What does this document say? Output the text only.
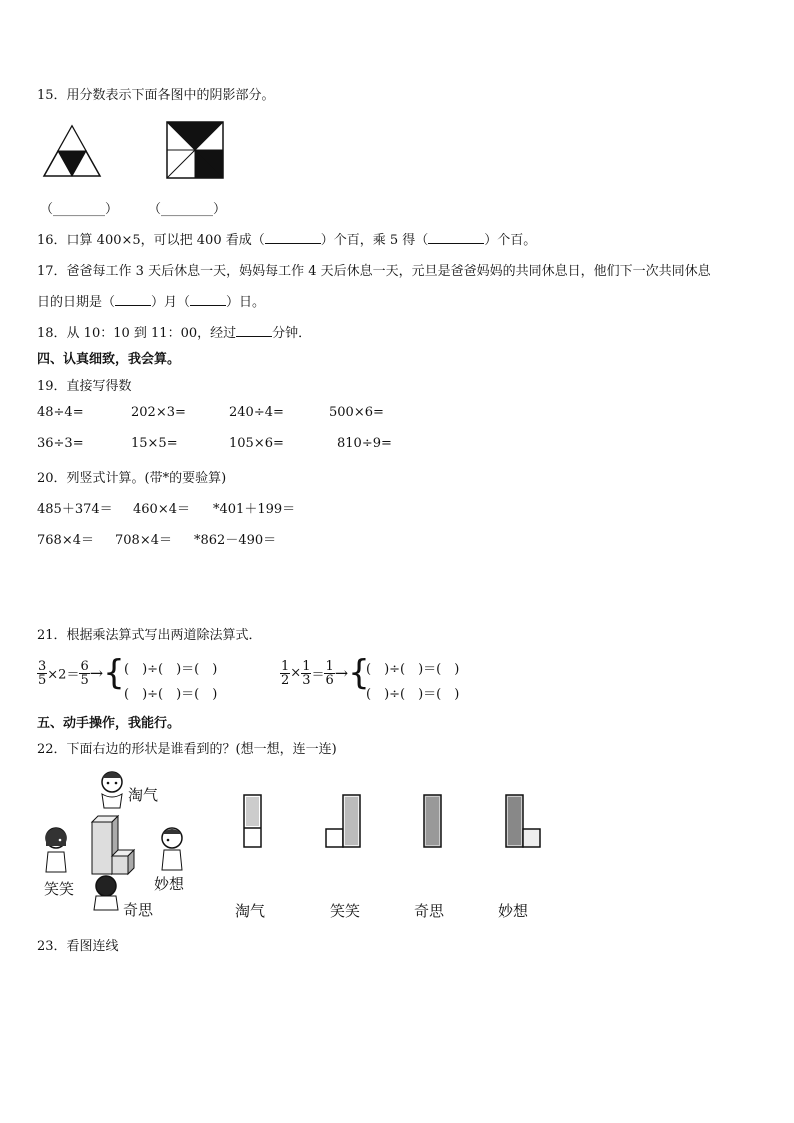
15．用分数表示下面各图中的阴影部分。
（________） （________）
16．口算 400×5，可以把 400 看成（	）个百，乘 5 得（	）个百。
17．爸爸每工作 3 天后休息一天，妈妈每工作 4 天后休息一天，元旦是爸爸妈妈的共同休息日，他们下一次共同休息
日的日期是（	）月（	）日。
18．从 10：10 到 11：00，经过	分钟．
四、认真细致，我会算。
19．直接写得数
48÷4=	202×3=	240÷4=	500×6=
36÷3=	15×5=	105×6=	810÷9=
20．列竖式计算。(带*的要验算)
485＋374＝ 460×4＝ *401＋199＝
768×4＝ 708×4＝ *862－490＝
21．根据乘法算式写出两道除法算式．
$\frac{3}{5} \times 2= \frac{6}{5}$ →{ (　)÷(　)＝(　)
(　)÷(　)＝(　)
$\frac{1}{2} \times \frac{1}{3} = \frac{1}{6}$ →{
(　)÷(　)＝(　)
(　)÷(　)＝(　)
五、动手操作，我能行。
22．下面右边的形状是谁看到的？(想一想，连一连)
淘气
笑笑	妙想
奇思	淘气	笑笑	奇思	妙想
23．看图连线
